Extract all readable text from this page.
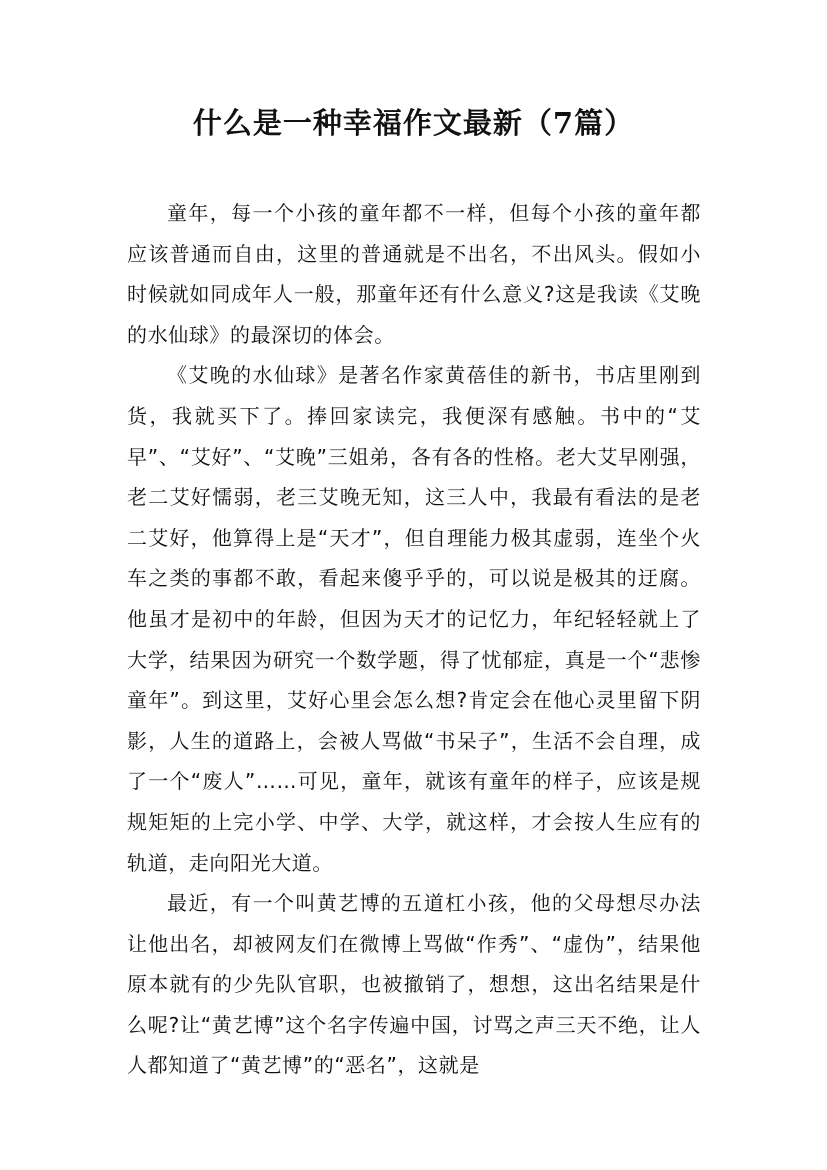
什么是一种幸福作文最新（7篇）

童年，每一个小孩的童年都不一样，但每个小孩的童年都应该普通而自由，这里的普通就是不出名，不出风头。假如小时候就如同成年人一般，那童年还有什么意义?这是我读《艾晚的水仙球》的最深切的体会。

《艾晚的水仙球》是著名作家黄蓓佳的新书，书店里刚到货，我就买下了。捧回家读完，我便深有感触。书中的“艾早”、“艾好”、“艾晚”三姐弟，各有各的性格。老大艾早刚强，老二艾好懦弱，老三艾晚无知，这三人中，我最有看法的是老二艾好，他算得上是“天才”，但自理能力极其虚弱，连坐个火车之类的事都不敢，看起来傻乎乎的，可以说是极其的迂腐。他虽才是初中的年龄，但因为天才的记忆力，年纪轻轻就上了大学，结果因为研究一个数学题，得了忧郁症，真是一个“悲惨童年”。到这里，艾好心里会怎么想?肯定会在他心灵里留下阴影，人生的道路上，会被人骂做“书呆子”，生活不会自理，成了一个“废人”……可见，童年，就该有童年的样子，应该是规规矩矩的上完小学、中学、大学，就这样，才会按人生应有的轨道，走向阳光大道。

最近，有一个叫黄艺博的五道杠小孩，他的父母想尽办法让他出名，却被网友们在微博上骂做“作秀”、“虚伪”，结果他原本就有的少先队官职，也被撤销了，想想，这出名结果是什么呢?让“黄艺博”这个名字传遍中国，讨骂之声三天不绝，让人人都知道了“黄艺博”的“恶名”，这就是
